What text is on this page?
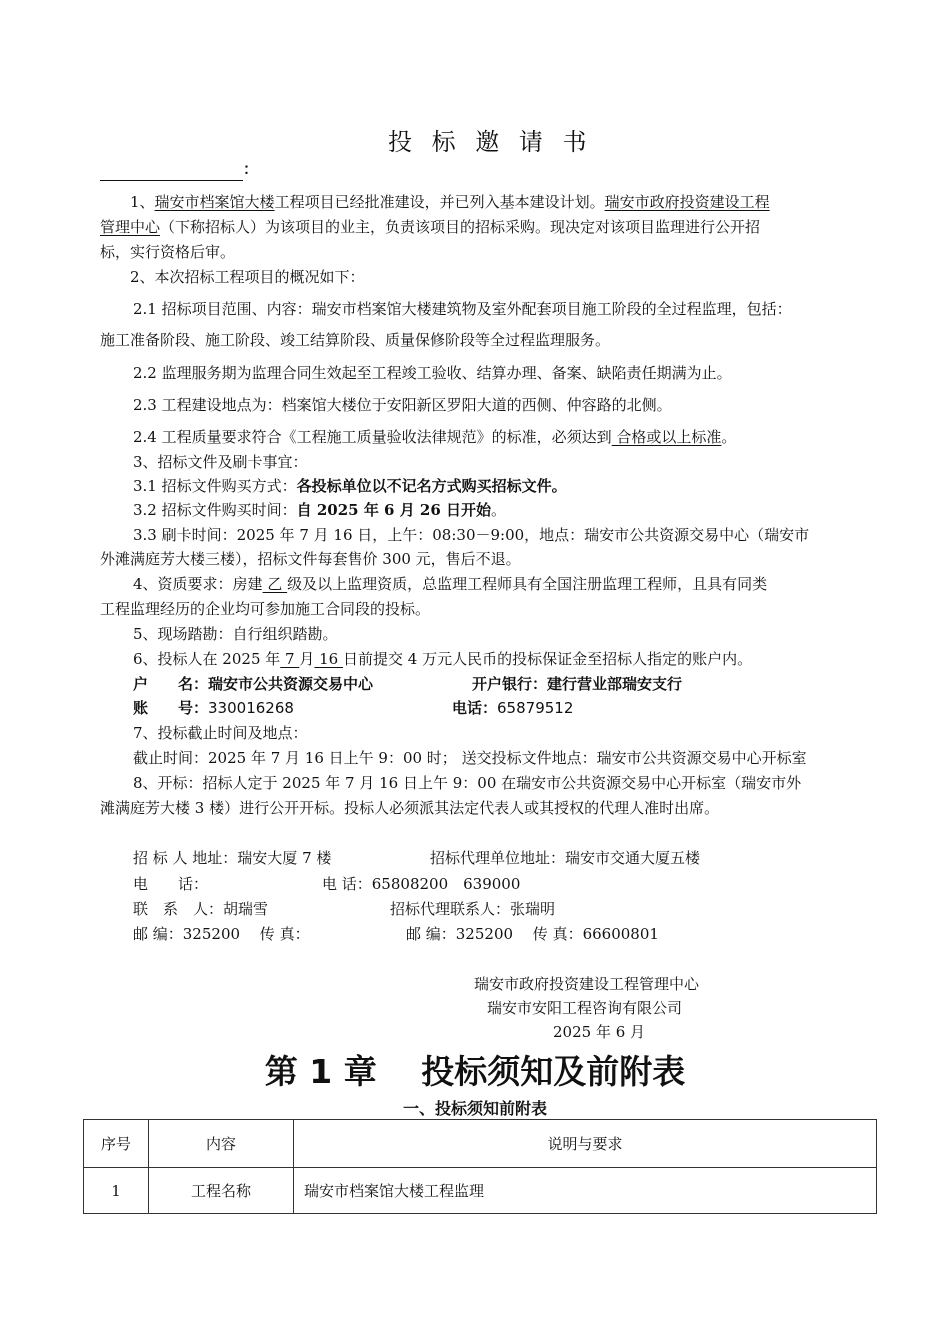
投 标 邀 请 书
：
1、瑞安市档案馆大楼工程项目已经批准建设，并已列入基本建设计划。瑞安市政府投资建设工程
管理中心（下称招标人）为该项目的业主，负责该项目的招标采购。现决定对该项目监理进行公开招
标，实行资格后审。
2、本次招标工程项目的概况如下：
2.1 招标项目范围、内容：瑞安市档案馆大楼建筑物及室外配套项目施工阶段的全过程监理，包括：
施工准备阶段、施工阶段、竣工结算阶段、质量保修阶段等全过程监理服务。
2.2 监理服务期为监理合同生效起至工程竣工验收、结算办理、备案、缺陷责任期满为止。
2.3 工程建设地点为：档案馆大楼位于安阳新区罗阳大道的西侧、仲容路的北侧。
2.4 工程质量要求符合《工程施工质量验收法律规范》的标准，必须达到 合格或以上标准。
3、招标文件及刷卡事宜：
3.1 招标文件购买方式：各投标单位以不记名方式购买招标文件。
3.2 招标文件购买时间：自 2025 年 6 月 26 日开始。
3.3 刷卡时间：2025 年 7 月 16 日，上午：08:30－9:00，地点：瑞安市公共资源交易中心（瑞安市
外滩满庭芳大楼三楼），招标文件每套售价 300 元，售后不退。
4、资质要求：房建 乙 级及以上监理资质，总监理工程师具有全国注册监理工程师，且具有同类
工程监理经历的企业均可参加施工合同段的投标。
5、现场踏勘：自行组织踏勘。
6、投标人在 2025 年 7 月 16 日前提交 4 万元人民币的投标保证金至招标人指定的账户内。
户　　名：瑞安市公共资源交易中心	开户银行：建行营业部瑞安支行
账　　号：330016268	电话：65879512
7、投标截止时间及地点：
截止时间：2025 年 7 月 16 日上午 9：00 时； 送交投标文件地点：瑞安市公共资源交易中心开标室
8、开标：招标人定于 2025 年 7 月 16 日上午 9：00 在瑞安市公共资源交易中心开标室（瑞安市外
滩满庭芳大楼 3 楼）进行公开开标。投标人必须派其法定代表人或其授权的代理人准时出席。
招 标 人 地址：瑞安大厦 7 楼	招标代理单位地址：瑞安市交通大厦五楼
电　　话：	电 话：65808200　639000
联　系　人：胡瑞雪	招标代理联系人：张瑞明
邮 编：325200　 传 真：	邮 编：325200　 传 真：66600801
瑞安市政府投资建设工程管理中心
瑞安市安阳工程咨询有限公司
2025 年 6 月
第 1 章　 投标须知及前附表
一、投标须知前附表
序号	内容	说明与要求
1	工程名称	瑞安市档案馆大楼工程监理
